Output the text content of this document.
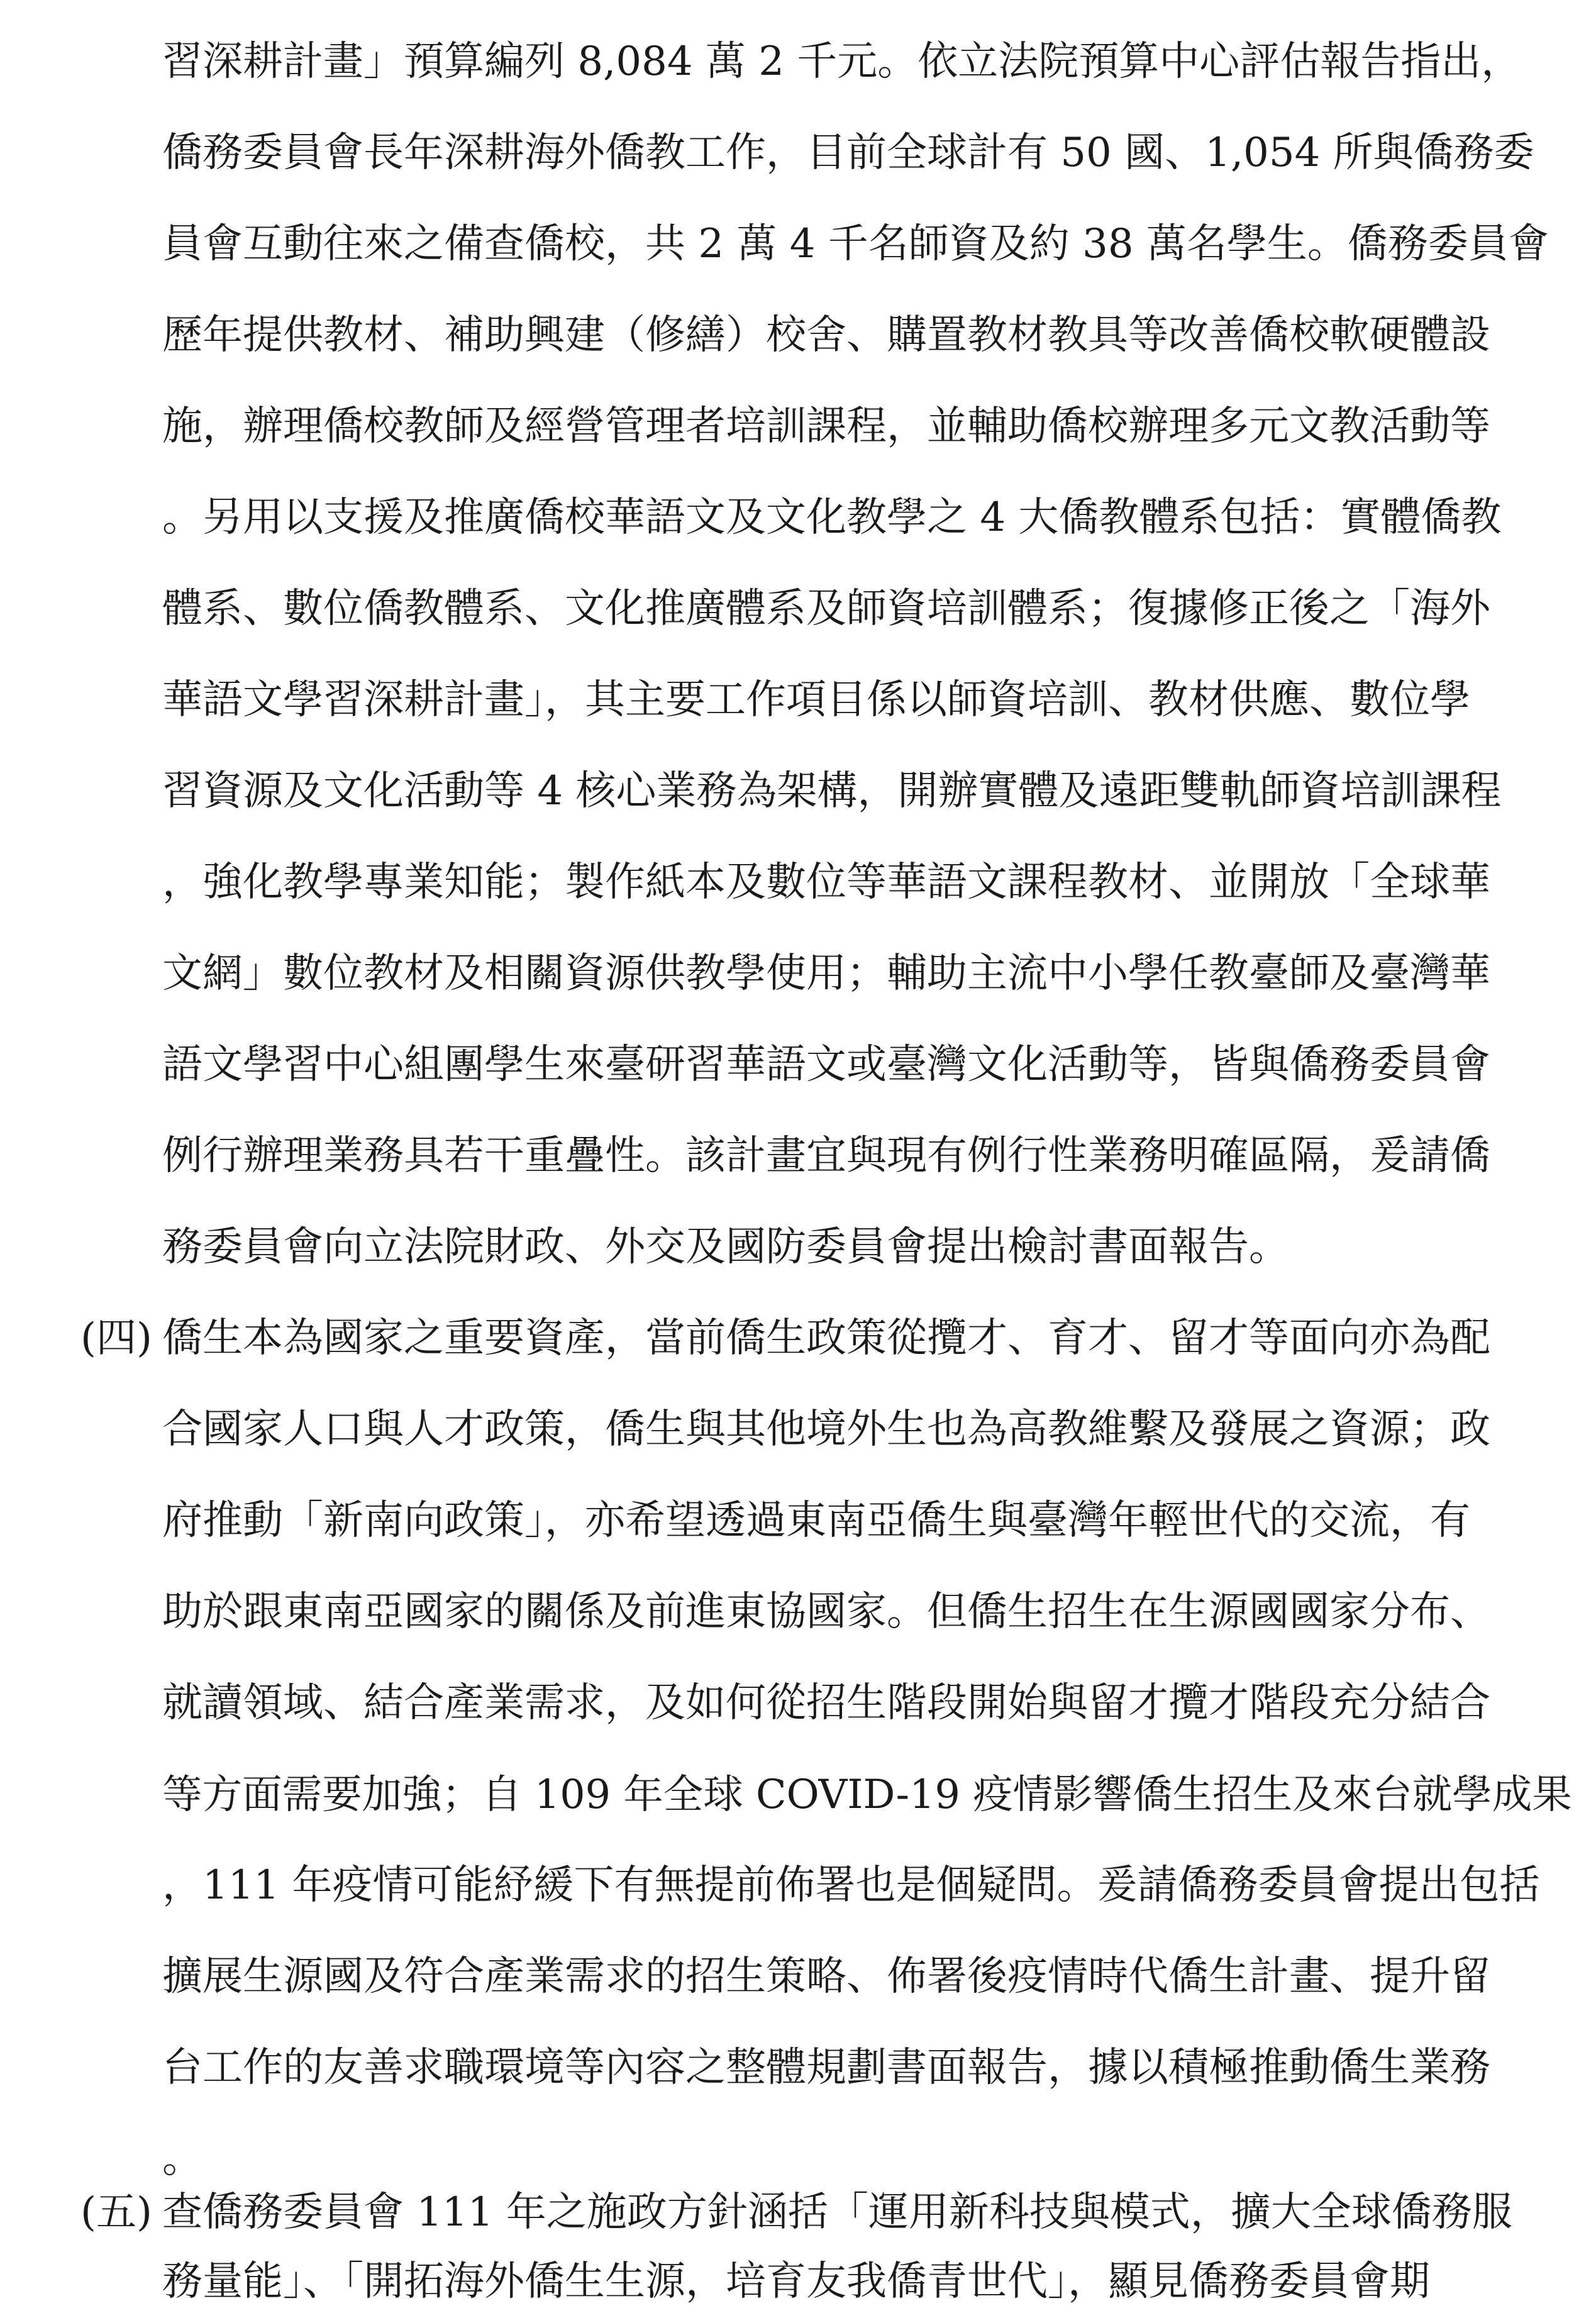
習深耕計畫」預算編列 8,084 萬 2 千元。依立法院預算中心評估報告指出，
僑務委員會長年深耕海外僑教工作，目前全球計有 50 國、1,054 所與僑務委
員會互動往來之備查僑校，共 2 萬 4 千名師資及約 38 萬名學生。僑務委員會
歷年提供教材、補助興建（修繕）校舍、購置教材教具等改善僑校軟硬體設
施，辦理僑校教師及經營管理者培訓課程，並輔助僑校辦理多元文教活動等
。另用以支援及推廣僑校華語文及文化教學之 4 大僑教體系包括：實體僑教
體系、數位僑教體系、文化推廣體系及師資培訓體系；復據修正後之「海外
華語文學習深耕計畫」，其主要工作項目係以師資培訓、教材供應、數位學
習資源及文化活動等 4 核心業務為架構，開辦實體及遠距雙軌師資培訓課程
，強化教學專業知能；製作紙本及數位等華語文課程教材、並開放「全球華
文網」數位教材及相關資源供教學使用；輔助主流中小學任教臺師及臺灣華
語文學習中心組團學生來臺研習華語文或臺灣文化活動等，皆與僑務委員會
例行辦理業務具若干重疊性。該計畫宜與現有例行性業務明確區隔，爰請僑
務委員會向立法院財政、外交及國防委員會提出檢討書面報告。
(四) 僑生本為國家之重要資產，當前僑生政策從攬才、育才、留才等面向亦為配
合國家人口與人才政策，僑生與其他境外生也為高教維繫及發展之資源；政
府推動「新南向政策」，亦希望透過東南亞僑生與臺灣年輕世代的交流，有
助於跟東南亞國家的關係及前進東協國家。但僑生招生在生源國國家分布、
就讀領域、結合產業需求，及如何從招生階段開始與留才攬才階段充分結合
等方面需要加強；自 109 年全球 COVID-19 疫情影響僑生招生及來台就學成果
，111 年疫情可能紓緩下有無提前佈署也是個疑問。爰請僑務委員會提出包括
擴展生源國及符合產業需求的招生策略、佈署後疫情時代僑生計畫、提升留
台工作的友善求職環境等內容之整體規劃書面報告，據以積極推動僑生業務
。
(五) 查僑務委員會 111 年之施政方針涵括「運用新科技與模式，擴大全球僑務服
務量能」、「開拓海外僑生生源，培育友我僑青世代」，顯見僑務委員會期
